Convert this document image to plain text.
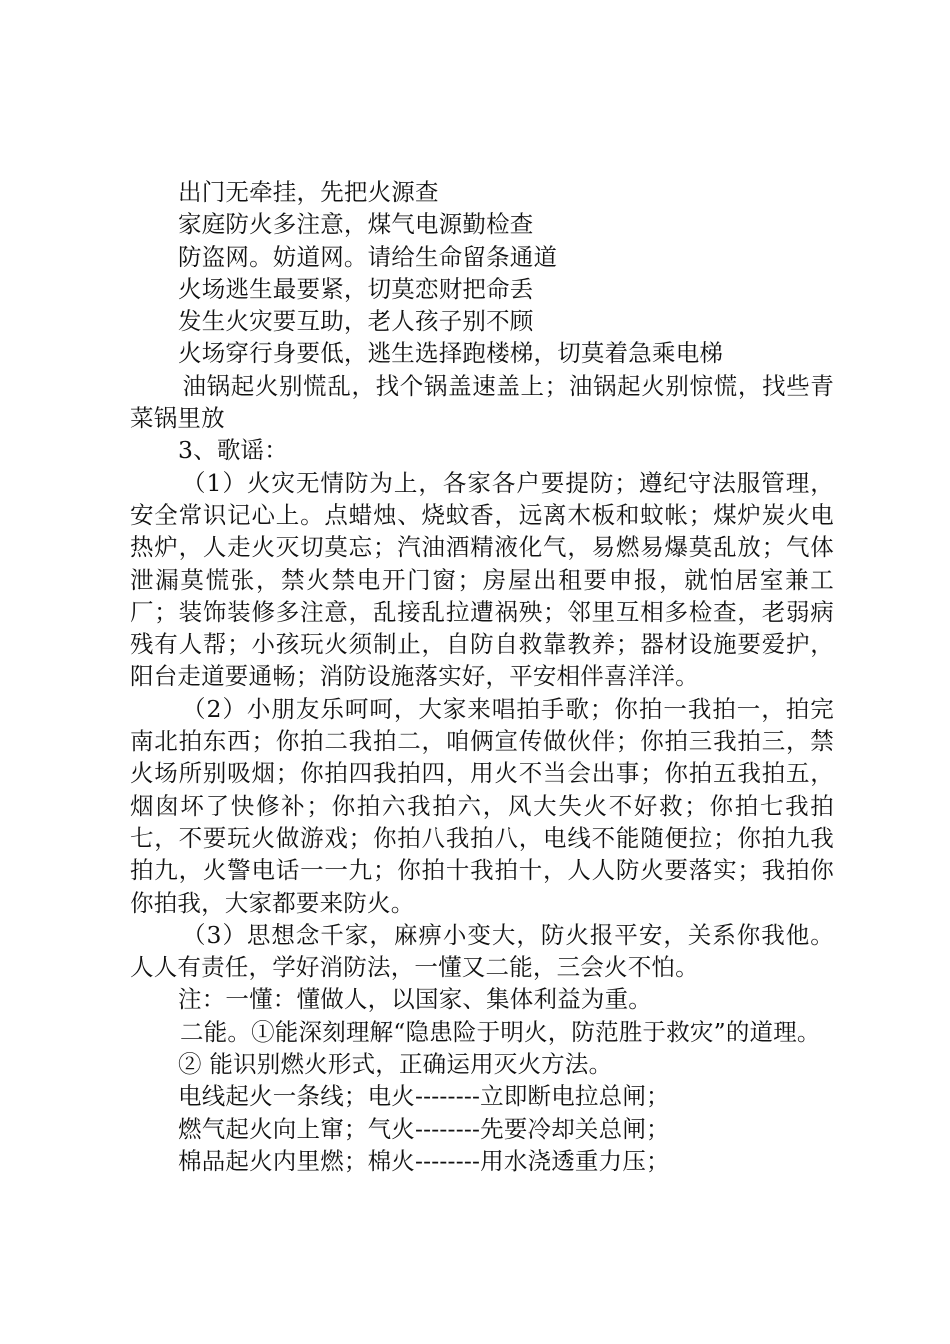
出门无牵挂，先把火源查

家庭防火多注意，煤气电源勤检查

防盗网。妨道网。请给生命留条通道

火场逃生最要紧，切莫恋财把命丢

发生火灾要互助，老人孩子别不顾

火场穿行身要低，逃生选择跑楼梯，切莫着急乘电梯

油锅起火别慌乱，找个锅盖速盖上；油锅起火别惊慌，找些青菜锅里放

3、歌谣：

（1）火灾无情防为上，各家各户要提防；遵纪守法服管理，安全常识记心上。点蜡烛、烧蚊香，远离木板和蚊帐；煤炉炭火电热炉，人走火灭切莫忘；汽油酒精液化气，易燃易爆莫乱放；气体泄漏莫慌张，禁火禁电开门窗；房屋出租要申报，就怕居室兼工厂；装饰装修多注意，乱接乱拉遭祸殃；邻里互相多检查，老弱病残有人帮；小孩玩火须制止，自防自救靠教养；器材设施要爱护，阳台走道要通畅；消防设施落实好，平安相伴喜洋洋。

（2）小朋友乐呵呵，大家来唱拍手歌；你拍一我拍一，拍完南北拍东西；你拍二我拍二，咱俩宣传做伙伴；你拍三我拍三，禁火场所别吸烟；你拍四我拍四，用火不当会出事；你拍五我拍五，烟囱坏了快修补；你拍六我拍六，风大失火不好救；你拍七我拍七，不要玩火做游戏；你拍八我拍八，电线不能随便拉；你拍九我拍九，火警电话一一九；你拍十我拍十，人人防火要落实；我拍你你拍我，大家都要来防火。

（3）思想念千家，麻痹小变大，防火报平安，关系你我他。人人有责任，学好消防法，一懂又二能，三会火不怕。

注：一懂：懂做人，以国家、集体利益为重。

二能。①能深刻理解“隐患险于明火，防范胜于救灾”的道理。

② 能识别燃火形式，正确运用灭火方法。

电线起火一条线；电火--------立即断电拉总闸；

燃气起火向上窜；气火--------先要冷却关总闸；

棉品起火内里燃；棉火--------用水浇透重力压；
